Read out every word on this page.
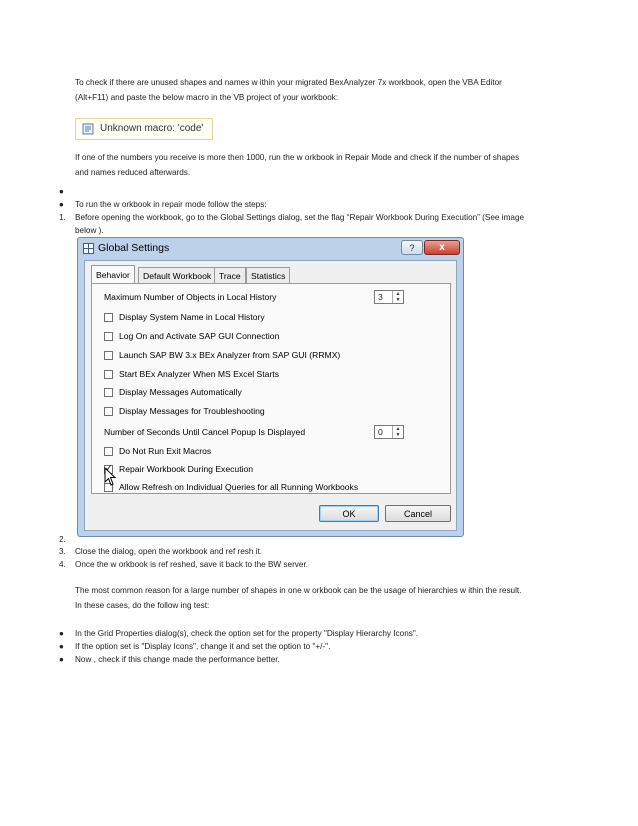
To check if there are unused shapes and names w ithin your migrated BexAnalyzer 7x workbook, open the VBA Editor
(Alt+F11) and paste the below macro in the VB project of your workbook:
Unknown macro: 'code'
If one of the numbers you receive is more then 1000, run the w orkbook in Repair Mode and check if the number of shapes
and names reduced afterwards.
●
● To run the w orkbook in repair mode follow the steps:
1. Before opening the workbook, go to the Global Settings dialog, set the flag “Repair Workbook During Execution” (See image
below ).
Global Settings	?	x
Behavior	Default Workbook Trace	Statistics
Maximum Number of Objects in Local History	3	▲
▼
Display System Name in Local History
Log On and Activate SAP GUI Connection
Launch SAP BW 3.x BEx Analyzer from SAP GUI (RRMX)
Start BEx Analyzer When MS Excel Starts
Display Messages Automatically
Display Messages for Troubleshooting
Number of Seconds Until Cancel Popup Is Displayed	0	▲
▼
Do Not Run Exit Macros
✓
Repair Workbook During Execution
Allow Refresh on Individual Queries for all Running Workbooks
OK	Cancel
2.
3. Close the dialog, open the workbook and ref resh it.
4. Once the w orkbook is ref reshed, save it back to the BW server.
The most common reason for a large number of shapes in one w orkbook can be the usage of hierarchies w ithin the result.
In these cases, do the follow ing test:
● In the Grid Properties dialog(s), check the option set for the property "Display Hierarchy Icons".
● If the option set is "Display Icons", change it and set the option to "+/-".
● Now , check if this change made the performance better.
